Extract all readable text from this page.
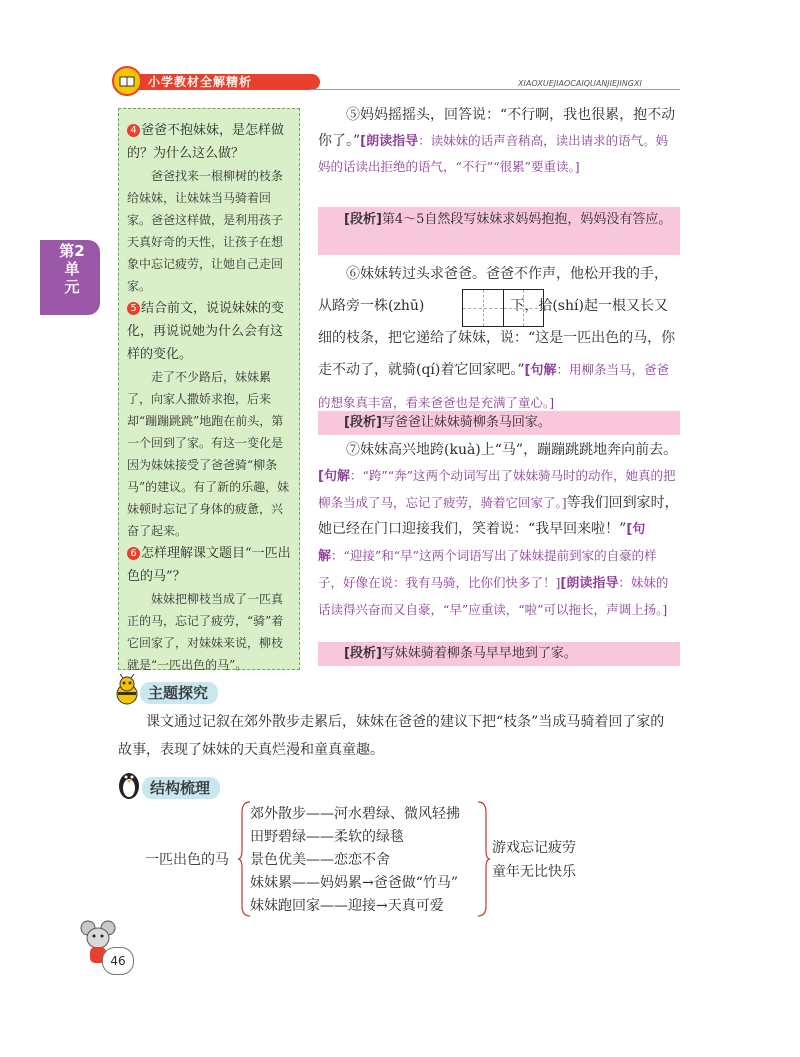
小学教材全解精析	XIAOXUEJIAOCAIQUANJIEJINGXI
第2单元

4 爸爸不抱妹妹，是怎样做的？为什么这么做？

爸爸找来一根柳树的枝条给妹妹，让妹妹当马骑着回家。爸爸这样做，是利用孩子天真好奇的天性，让孩子在想象中忘记疲劳，让她自己走回家。

5 结合前文，说说妹妹的变化，再说说她为什么会有这样的变化。

走了不少路后，妹妹累了，向家人撒娇求抱，后来却“蹦蹦跳跳”地跑在前头，第一个回到了家。有这一变化是因为妹妹接受了爸爸骑“柳条马”的建议。有了新的乐趣，妹妹顿时忘记了身体的疲惫，兴奋了起来。

6 怎样理解课文题目“一匹出色的马”？

妹妹把柳枝当成了一匹真正的马，忘记了疲劳，“骑”着它回家了，对妹妹来说，柳枝就是“一匹出色的马”。

⑤妈妈摇摇头，回答说：“不行啊，我也很累，抱不动你了。”[朗读指导：读妹妹的话声音稍高，读出请求的语气。妈妈的话读出拒绝的语气，“不行”“很累”要重读。]

[段析]第4～5自然段写妹妹求妈妈抱抱，妈妈没有答应。

⑥妹妹转过头求爸爸。爸爸不作声，他松开我的手，从路旁一株(zhū)	下，拾(shí)起一根又长又细的枝条，把它递给了妹妹，说：“这是一匹出色的马，你走不动了，就骑(qí)着它回家吧。”[句解：用柳条当马，爸爸的想象真丰富，看来爸爸也是充满了童心。]

[段析]写爸爸让妹妹骑柳条马回家。

⑦妹妹高兴地跨(kuà)上“马”，蹦蹦跳跳地奔向前去。[句解：“跨”“奔”这两个动词写出了妹妹骑马时的动作，她真的把柳条当成了马，忘记了疲劳，骑着它回家了。]等我们回到家时，她已经在门口迎接我们，笑着说：“我早回来啦！”[句解：“迎接”和“早”这两个词语写出了妹妹提前到家的自豪的样子，好像在说：我有马骑，比你们快多了！][朗读指导：妹妹的话读得兴奋而又自豪，“早”应重读，“啦”可以拖长，声调上扬。]

[段析]写妹妹骑着柳条马早早地到了家。
主题探究

课文通过记叙在郊外散步走累后，妹妹在爸爸的建议下把“枝条”当成马骑着回了家的故事，表现了妹妹的天真烂漫和童真童趣。

结构梳理
一匹出色的马
郊外散步——河水碧绿、微风轻拂
田野碧绿——柔软的绿毯
景色优美——恋恋不舍
妹妹累——妈妈累→爸爸做“竹马”
妹妹跑回家——迎接→天真可爱
游戏忘记疲劳
童年无比快乐
46
